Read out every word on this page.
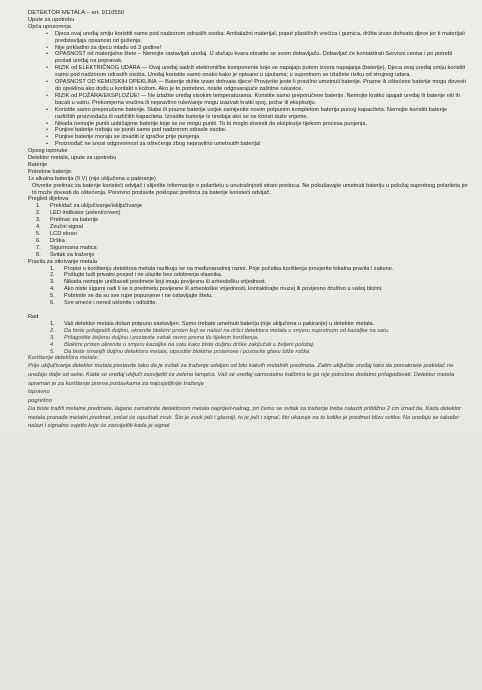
DETEKTOR METALA – art. 9110550

Upute za upotrebu

Opća upozorenja

• Djeca ovaj uređaj smiju koristiti samo pod nadzorom odraslih osoba. Ambalažni materijal, poput plastičnih vrećica i gumica, držite izvan dohvata djece jer ti materijali predstavljaju opasnost od gušenja.
• Nije prikladno za djecu mlađu od 3 godine!
• OPASNOST od materijalne štete – Nemojte rastavljati uređaj. U slučaju kvara obratite se svom dobavljaču. Dobavljač će kontaktirati Servisni centar i po potrebi poslati uređaj na popravak.
• RIZIK od ELEKTRIČNOG UDARA — Ovaj uređaj sadrži elektroničke komponente koje se napajaju putem izvora napajanja (baterije). Djeca ovaj uređaj smiju koristiti samo pod nadzorom odraslih osoba. Uređaj koristite samo onako kako je opisano u uputama; u suprotnom se izlažete riziku od strujnog udara.
• OPASNOST OD KEMIJSKIH OPEKLINA — Baterije držite izvan dohvata djece! Provjerite jeste li pravilno umetnuli baterije. Prazne ili oštećene baterije mogu dovesti do opeklina ako dođu u kontakt s kožom. Ako je to potrebno, nosite odgovarajuće zaštitne rukavice.
• RIZIK od POŽARA/EKSPLOZIJE! — Ne izlažite uređaj visokim temperaturama. Koristite samo preporučene baterije. Nemojte kratko spajati uređaj ili baterije niti ih bacati u vatru. Prekomjerna vrućina ili nepravilno rukovanje mogu izazvati kratki spoj, požar ili eksploziju.
• Koristite samo preporučene baterije. Slabe ili prazne baterije uvijek zamijenite novim potpunim kompletom baterija punog kapaciteta. Nemojte koristiti baterije različitih proizvođača ili različitih kapaciteta. Izvadite baterije iz uređaja ako se ne koristi duže vrijeme.
• Nikada nemojte puniti uobičajene baterije koje se ne mogu puniti. To bi moglo dovesti do eksplozije tijekom procesa punjenja.
• Punjive baterije trebaju se puniti samo pod nadzorom odrasle osobe.
• Punjive baterije moraju se izvaditi iz igračke prije punjenja
• Proizvođač ne snosi odgovornost za oštećenja zbog nepravilno umetnutih baterija!

Opseg isporuke

Detektor metala, upute za upotrebu

Baterije

Potrebne baterije:

1x alkalna baterija (9 V) (nije uključena u pakiranje)

Otvorite pretinac za baterije koristeći odvijač i slijedite informacije o polaritetu u unutrašnjosti strani pretinca. Ne pokušavajte umetnuti bateriju u položaj suprotnog polariteta jer to može dovesti do oštećenja. Ponovno postavite poklopac pretinca za baterije koristeći odvijač.

Pregled dijelova

1. Prekidač za uključivanje/isključivanje
2. LED indikator (zeleni/crveni)
3. Pretinac za baterije
4. Zvučni signal
5. LCD ekran
6. Drška
7. Sigurnosna matica
8. Svitak za traženje

Pravila za otkrivanje metala

1. Propisi o korištenju detektora metala razlikuju se na međunarodnoj razini. Prije početka korištenja provjerite lokalna pravila i zakone.
2. Poštujte tuđi privatni posjed i ne ulazite bez odobrenja vlasnika.
3. Nikada nemojte uništavati predmete koji imaju povijesnu ili arheološku vrijednost.
4. Ako niste sigurni radi li se o predmetu povijesne ili arheološke vrijednosti, kontaktirajte muzej ili povijesno društvo u vašoj blizini.
5. Pobrinite se da su sve rupe popunjene i ne ostavljajte štetu.
6. Sve smeće i nered uklonite i odložite.

Rad

1. Vaš detektor metala dolazi potpuno sastavljen. Samo trebate umetnuti bateriju (nije uključena u pakiranje) u detektor metala.
2. Da biste prilagodili duljinu, okrenite blokirni prsten koji se nalazi na dršci detektora metala u smjeru suprotnom od kazaljke na satu.
3. Prilagodite željenu duljinu i postavite svitak ravno prema tlu tijekom korištenja.
4. Blokirni prsten okrenite u smjeru kazaljke na satu kako biste duljinu drške zaključali u željeni položaj.
5. Da biste smanjili duljinu detektora metala, otpustite blokirne prstenove i postavite glavu bliže ručke.

Korištenje detektora metala:

Prije uključivanja detektor metala postavite tako da je svitak za traženje udaljen od bilo kakvih metalnih predmeta. Zatim uključite uređaj tako da pomaknete prekidač na uređaju dalje od sebe. Kada se uređaj uključi zasvijetlit će zelena lampica. Vaš se uređaj samostalno kalibrira te ga nije potrebno dodatno prilagođavati. Detektor metala spreman je za korištenje prema postavkama za najosjetljivije traženje

ispravno

pogrešno

Da biste tražili metalne predmete, lagano zamahnite detektorom metala naprijed-natrag, pri čemu se svitak za traženje treba nalaziti približno 2 cm iznad tla. Kada detektor metala pronađe metalni predmet, počet će ispuštati zvuk. Što je zvuk jači i glasniji, to je jači i signal, što ukazuje na to koliko je predmet blizu svitka. Na uređaju se također nalazi i signalno svjetlo koje će zasvijetliti kada je signal
